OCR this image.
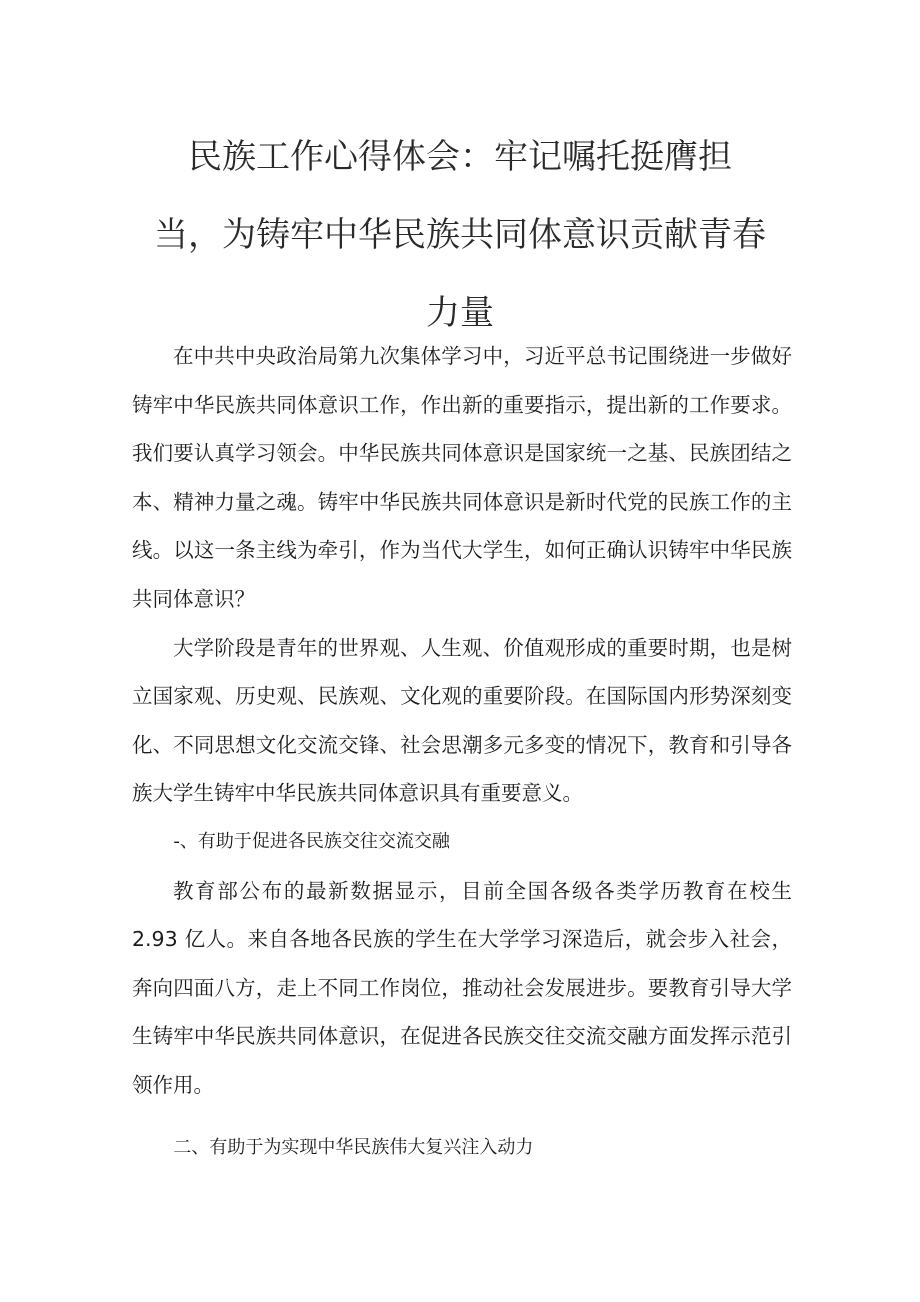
民族工作心得体会：牢记嘱托挺膺担
当，为铸牢中华民族共同体意识贡献青春
力量

在中共中央政治局第九次集体学习中，习近平总书记围绕进一步做好铸牢中华民族共同体意识工作，作出新的重要指示，提出新的工作要求。我们要认真学习领会。中华民族共同体意识是国家统一之基、民族团结之本、精神力量之魂。铸牢中华民族共同体意识是新时代党的民族工作的主线。以这一条主线为牵引，作为当代大学生，如何正确认识铸牢中华民族共同体意识？

大学阶段是青年的世界观、人生观、价值观形成的重要时期，也是树立国家观、历史观、民族观、文化观的重要阶段。在国际国内形势深刻变化、不同思想文化交流交锋、社会思潮多元多变的情况下，教育和引导各族大学生铸牢中华民族共同体意识具有重要意义。

-、有助于促进各民族交往交流交融

教育部公布的最新数据显示，目前全国各级各类学历教育在校生 2.93 亿人。来自各地各民族的学生在大学学习深造后，就会步入社会，奔向四面八方，走上不同工作岗位，推动社会发展进步。要教育引导大学生铸牢中华民族共同体意识，在促进各民族交往交流交融方面发挥示范引领作用。

二、有助于为实现中华民族伟大复兴注入动力
